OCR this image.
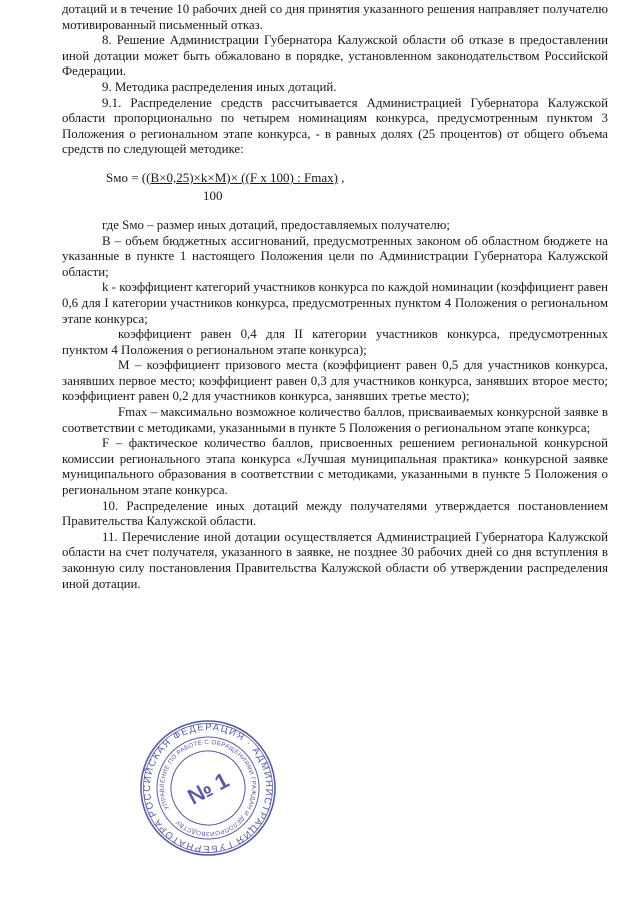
дотаций и в течение 10 рабочих дней со дня принятия указанного решения направляет получателю мотивированный письменный отказ.

8. Решение Администрации Губернатора Калужской области об отказе в предоставлении иной дотации может быть обжаловано в порядке, установленном законодательством Российской Федерации.

9. Методика распределения иных дотаций.

9.1. Распределение средств рассчитывается Администрацией Губернатора Калужской области пропорционально по четырем номинациям конкурса, предусмотренным пунктом 3 Положения о региональном этапе конкурса, - в равных долях (25 процентов) от общего объема средств по следующей методике:

Sмо = ((В×0,25)×k×М)× ((F x 100) : Fmax) ,
100

где Sмо – размер иных дотаций, предоставляемых получателю;

В – объем бюджетных ассигнований, предусмотренных законом об областном бюджете на указанные в пункте 1 настоящего Положения цели по Администрации Губернатора Калужской области;

k - коэффициент категорий участников конкурса по каждой номинации (коэффициент равен 0,6 для I категории участников конкурса, предусмотренных пунктом 4 Положения о региональном этапе конкурса;

коэффициент равен 0,4 для II категории участников конкурса, предусмотренных пунктом 4 Положения о региональном этапе конкурса);

М – коэффициент призового места (коэффициент равен 0,5 для участников конкурса, занявших первое место; коэффициент равен 0,3 для участников конкурса, занявших второе место; коэффициент равен 0,2 для участников конкурса, занявших третье место);

Fmax – максимально возможное количество баллов, присваиваемых конкурсной заявке в соответствии с методиками, указанными в пункте 5 Положения о региональном этапе конкурса;

F – фактическое количество баллов, присвоенных решением региональной конкурсной комиссии регионального этапа конкурса «Лучшая муниципальная практика» конкурсной заявке муниципального образования в соответствии с методиками, указанными в пункте 5 Положения о региональном этапе конкурса.

10. Распределение иных дотаций между получателями утверждается постановлением Правительства Калужской области.

11. Перечисление иной дотации осуществляется Администрацией Губернатора Калужской области на счет получателя, указанного в заявке, не позднее 30 рабочих дней со дня вступления в законную силу постановления Правительства Калужской области об утверждении распределения иной дотации.

РОССИЙСКАЯ ФЕДЕРАЦИЯ · АДМИНИСТРАЦИЯ ГУБЕРНАТОРА
УПРАВЛЕНИЕ ПО РАБОТЕ С ОБРАЩЕНИЯМИ ГРАЖДАН И ДЕЛОПРОИЗВОДСТВУ
№ 1
